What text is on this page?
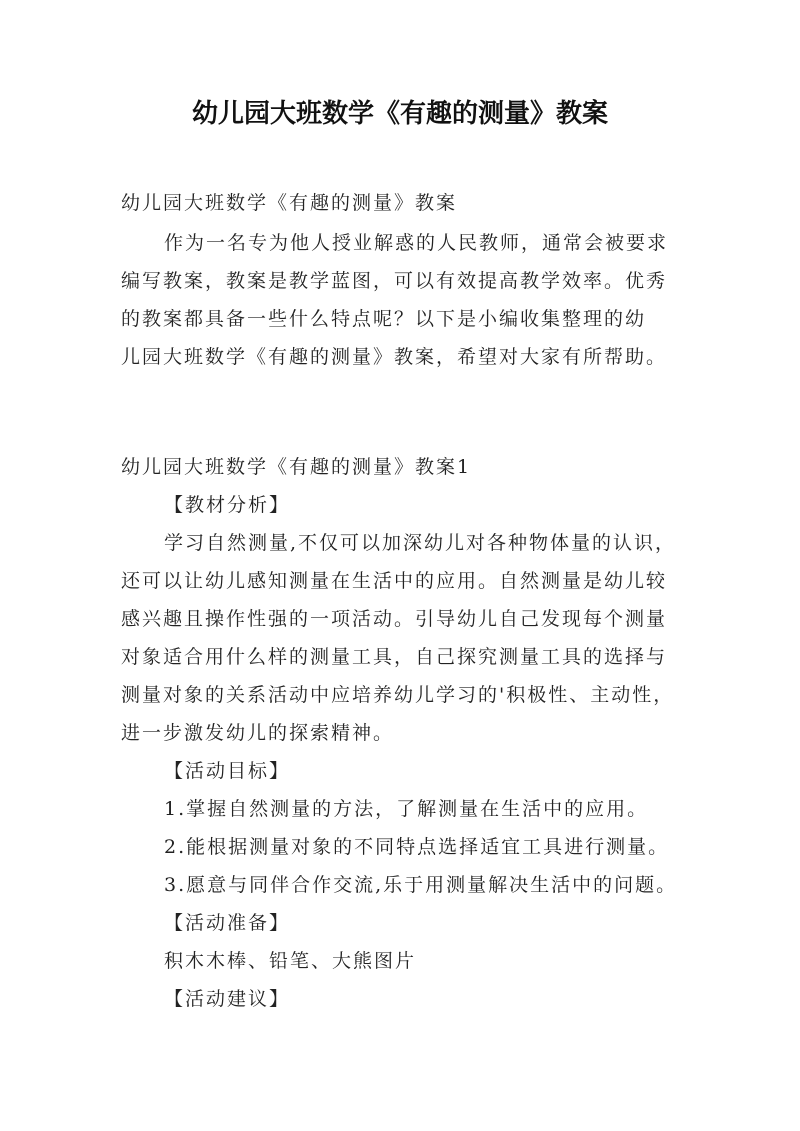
幼儿园大班数学《有趣的测量》教案

幼儿园大班数学《有趣的测量》教案

作为一名专为他人授业解惑的人民教师，通常会被要求

编写教案，教案是教学蓝图，可以有效提高教学效率。优秀

的教案都具备一些什么特点呢？以下是小编收集整理的幼

儿园大班数学《有趣的测量》教案，希望对大家有所帮助。

幼儿园大班数学《有趣的测量》教案1

【教材分析】

学习自然测量,不仅可以加深幼儿对各种物体量的认识，

还可以让幼儿感知测量在生活中的应用。自然测量是幼儿较

感兴趣且操作性强的一项活动。引导幼儿自己发现每个测量

对象适合用什么样的测量工具，自己探究测量工具的选择与

测量对象的关系活动中应培养幼儿学习的'积极性、主动性，

进一步激发幼儿的探索精神。

【活动目标】

1.掌握自然测量的方法，了解测量在生活中的应用。

2.能根据测量对象的不同特点选择适宜工具进行测量。

3.愿意与同伴合作交流,乐于用测量解决生活中的问题。

【活动准备】

积木木棒、铅笔、大熊图片

【活动建议】
